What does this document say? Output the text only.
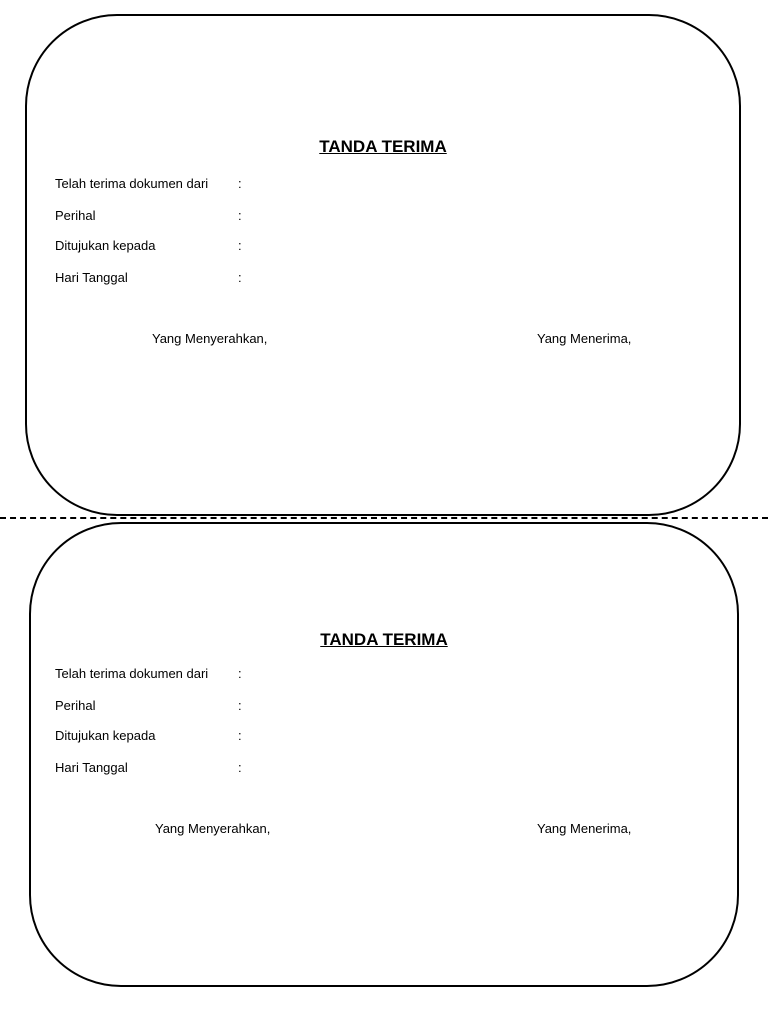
TANDA TERIMA
Telah terima dokumen dari :
Perihal	:
Ditujukan kepada	:
Hari Tanggal	:
Yang Menyerahkan,	Yang Menerima,
TANDA TERIMA
Telah terima dokumen dari :
Perihal	:
Ditujukan kepada	:
Hari Tanggal	:
Yang Menyerahkan,	Yang Menerima,
